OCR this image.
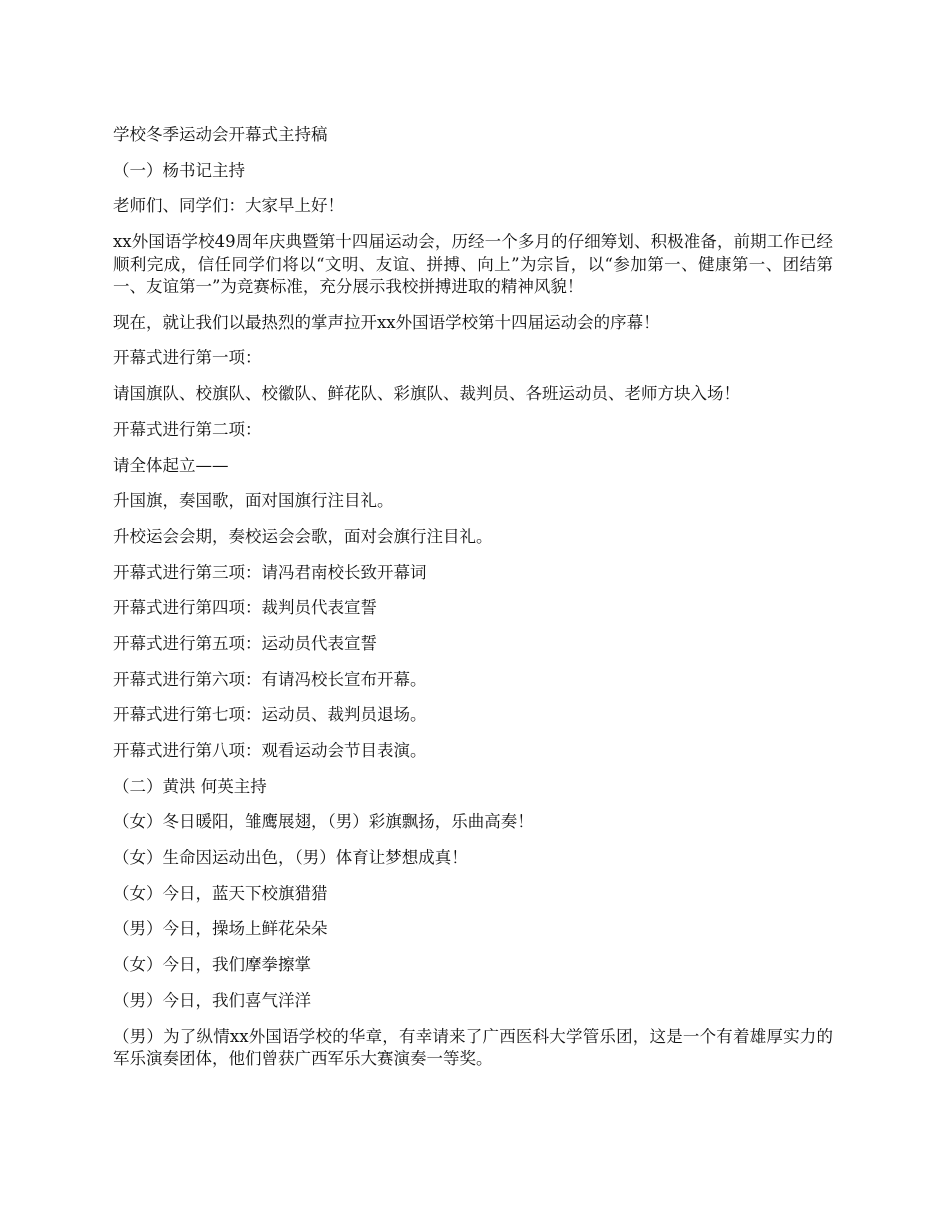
学校冬季运动会开幕式主持稿

（一）杨书记主持

老师们、同学们：大家早上好！

xx外国语学校49周年庆典暨第十四届运动会，历经一个多月的仔细筹划、积极准备，前期工作已经顺利完成，信任同学们将以“文明、友谊、拼搏、向上”为宗旨，以“参加第一、健康第一、团结第一、友谊第一”为竞赛标准，充分展示我校拼搏进取的精神风貌！

现在，就让我们以最热烈的掌声拉开xx外国语学校第十四届运动会的序幕！

开幕式进行第一项：

请国旗队、校旗队、校徽队、鲜花队、彩旗队、裁判员、各班运动员、老师方块入场！

开幕式进行第二项：

请全体起立——

升国旗，奏国歌，面对国旗行注目礼。

升校运会会期，奏校运会会歌，面对会旗行注目礼。

开幕式进行第三项：请冯君南校长致开幕词

开幕式进行第四项：裁判员代表宣誓

开幕式进行第五项：运动员代表宣誓

开幕式进行第六项：有请冯校长宣布开幕。

开幕式进行第七项：运动员、裁判员退场。

开幕式进行第八项：观看运动会节目表演。

（二）黄洪 何英主持

（女）冬日暖阳，雏鹰展翅，（男）彩旗飘扬，乐曲高奏！

（女）生命因运动出色，（男）体育让梦想成真！

（女）今日，蓝天下校旗猎猎

（男）今日，操场上鲜花朵朵

（女）今日，我们摩拳擦掌

（男）今日，我们喜气洋洋

（男）为了纵情xx外国语学校的华章，有幸请来了广西医科大学管乐团，这是一个有着雄厚实力的军乐演奏团体，他们曾获广西军乐大赛演奏一等奖。
